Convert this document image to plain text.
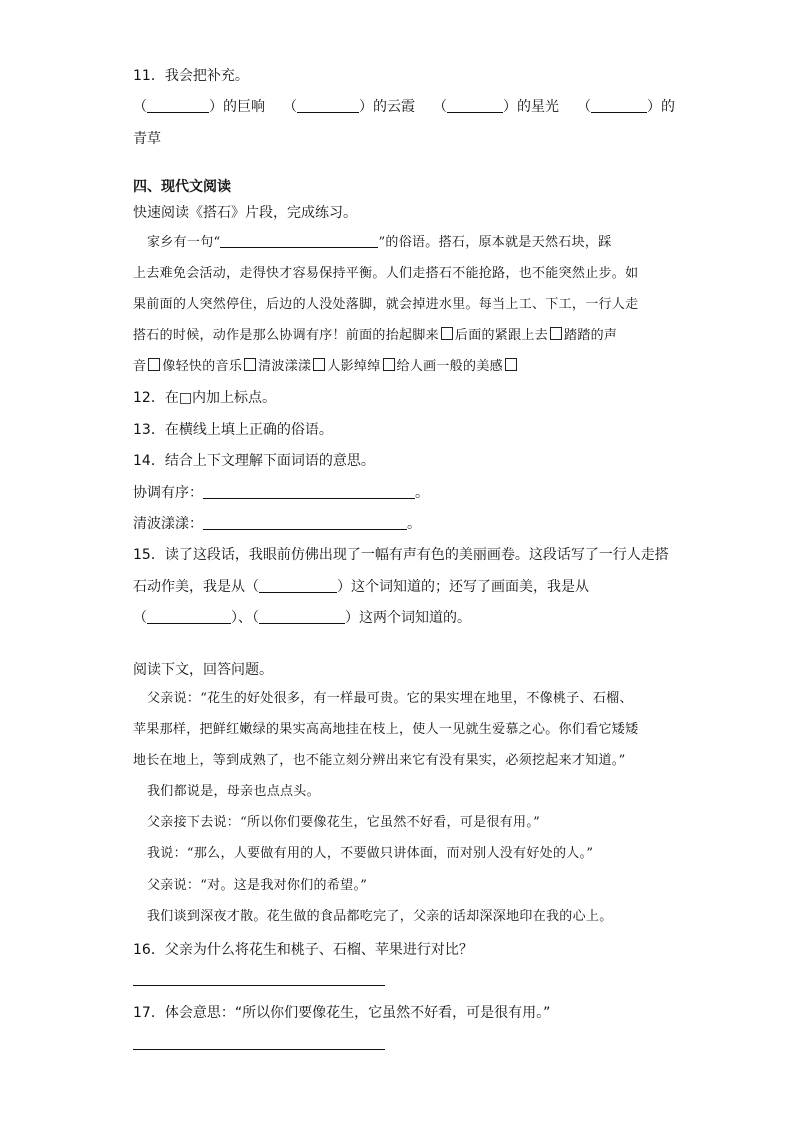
11．我会把补充。
（	）的巨响 （	）的云霞 （	）的星光 （	）的
青草
四、现代文阅读
快速阅读《搭石》片段，完成练习。
家乡有一句“	”的俗语。搭石，原本就是天然石块，踩
上去难免会活动，走得快才容易保持平衡。人们走搭石不能抢路，也不能突然止步。如
果前面的人突然停住，后边的人没处落脚，就会掉进水里。每当上工、下工，一行人走
搭石的时候，动作是那么协调有序！前面的抬起脚来 后面的紧跟上去 踏踏的声
音 像轻快的音乐 清波漾漾 人影绰绰 给人画一般的美感
12．在□内加上标点。
13．在横线上填上正确的俗语。
14．结合上下文理解下面词语的意思。
协调有序：	。
清波漾漾：	。
15．读了这段话，我眼前仿佛出现了一幅有声有色的美丽画卷。这段话写了一行人走搭
石动作美，我是从（	）这个词知道的；还写了画面美，我是从
（	）、（	）这两个词知道的。
阅读下文，回答问题。
父亲说：“花生的好处很多，有一样最可贵。它的果实埋在地里，不像桃子、石榴、
苹果那样，把鲜红嫩绿的果实高高地挂在枝上，使人一见就生爱慕之心。你们看它矮矮
地长在地上，等到成熟了，也不能立刻分辨出来它有没有果实，必须挖起来才知道。”
我们都说是，母亲也点点头。
父亲接下去说：“所以你们要像花生，它虽然不好看，可是很有用。”
我说：“那么，人要做有用的人，不要做只讲体面，而对别人没有好处的人。”
父亲说：“对。这是我对你们的希望。”
我们谈到深夜才散。花生做的食品都吃完了，父亲的话却深深地印在我的心上。
16．父亲为什么将花生和桃子、石榴、苹果进行对比？
17．体会意思：“所以你们要像花生，它虽然不好看，可是很有用。”
